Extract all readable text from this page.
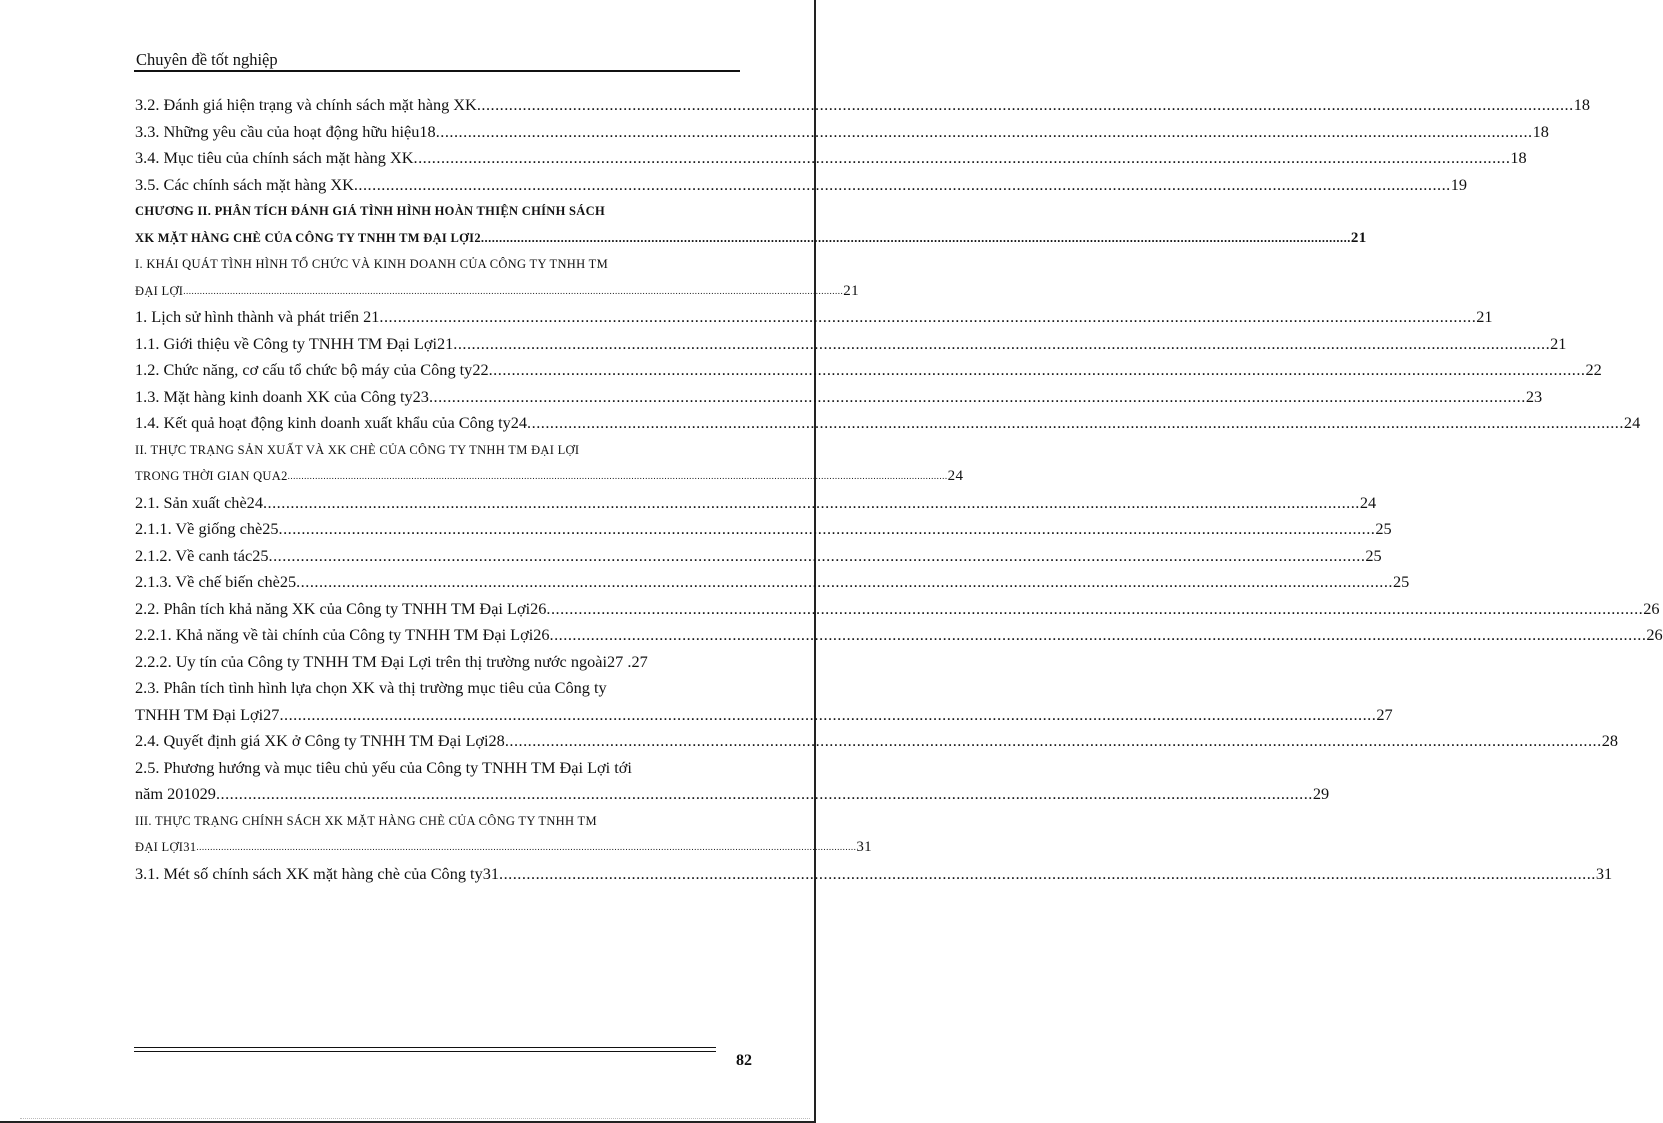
Chuyên đề tốt nghiệp
3.2. Đánh giá hiện trạng và chính sách mặt hàng XK ................................................................................................................................................................................................................................................ 18
3.3. Những yêu cầu của hoạt động hữu hiệu18 ................................................................................................................................................................................................................................................ 18
3.4. Mục tiêu của chính sách mặt hàng XK ................................................................................................................................................................................................................................................ 18
3.5. Các chính sách mặt hàng XK ................................................................................................................................................................................................................................................ 19
CHƯƠNG II. PHÂN TÍCH ĐÁNH GIÁ TÌNH HÌNH HOÀN THIỆN CHÍNH SÁCH
XK MẶT HÀNG CHÈ CỦA CÔNG TY TNHH TM ĐẠI LỢI2 ................................................................................................................................................................................................................................................ 21
I. KHÁI QUÁT TÌNH HÌNH TỔ CHỨC VÀ KINH DOANH CỦA CÔNG TY TNHH TM
ĐẠI LỢI ................................................................................................................................................................................................................................................ 21
1. Lịch sử hình thành và phát triển 21 ................................................................................................................................................................................................................................................ 21
1.1. Giới thiệu về Công ty TNHH TM Đại Lợi21 ................................................................................................................................................................................................................................................ 21
1.2. Chức năng, cơ cấu tổ chức bộ máy của Công ty22 ................................................................................................................................................................................................................................................ 22
1.3. Mặt hàng kinh doanh XK của Công ty23 ................................................................................................................................................................................................................................................ 23
1.4. Kết quả hoạt động kinh doanh xuất khẩu của Công ty24 ................................................................................................................................................................................................................................................ 24
II. THỰC TRẠNG SẢN XUẤT VÀ XK CHÈ CỦA CÔNG TY TNHH TM ĐẠI LỢI
TRONG THỜI GIAN QUA2 ................................................................................................................................................................................................................................................ 24
2.1. Sản xuất chè24 ................................................................................................................................................................................................................................................ 24
2.1.1. Về giống chè25 ................................................................................................................................................................................................................................................ 25
2.1.2. Về canh tác25 ................................................................................................................................................................................................................................................ 25
2.1.3. Về chế biến chè25 ................................................................................................................................................................................................................................................ 25
2.2. Phân tích khả năng XK của Công ty TNHH TM Đại Lợi26 ................................................................................................................................................................................................................................................ 26
2.2.1. Khả năng về tài chính của Công ty TNHH TM Đại Lợi26 ................................................................................................................................................................................................................................................ 26
2.2.2. Uy tín của Công ty TNHH TM Đại Lợi trên thị trường nước ngoài27 . 27
2.3. Phân tích tình hình lựa chọn XK và thị trường mục tiêu của Công ty
TNHH TM Đại Lợi27 ................................................................................................................................................................................................................................................ 27
2.4. Quyết định giá XK ở Công ty TNHH TM Đại Lợi28 ................................................................................................................................................................................................................................................ 28
2.5. Phương hướng và mục tiêu chủ yếu của Công ty TNHH TM Đại Lợi tới
năm 201029 ................................................................................................................................................................................................................................................ 29
III. THỰC TRẠNG CHÍNH SÁCH XK MẶT HÀNG CHÈ CỦA CÔNG TY TNHH TM
ĐẠI LỢI31 ................................................................................................................................................................................................................................................ 31
3.1. Mét số chính sách XK mặt hàng chè của Công ty31 ................................................................................................................................................................................................................................................ 31
82
